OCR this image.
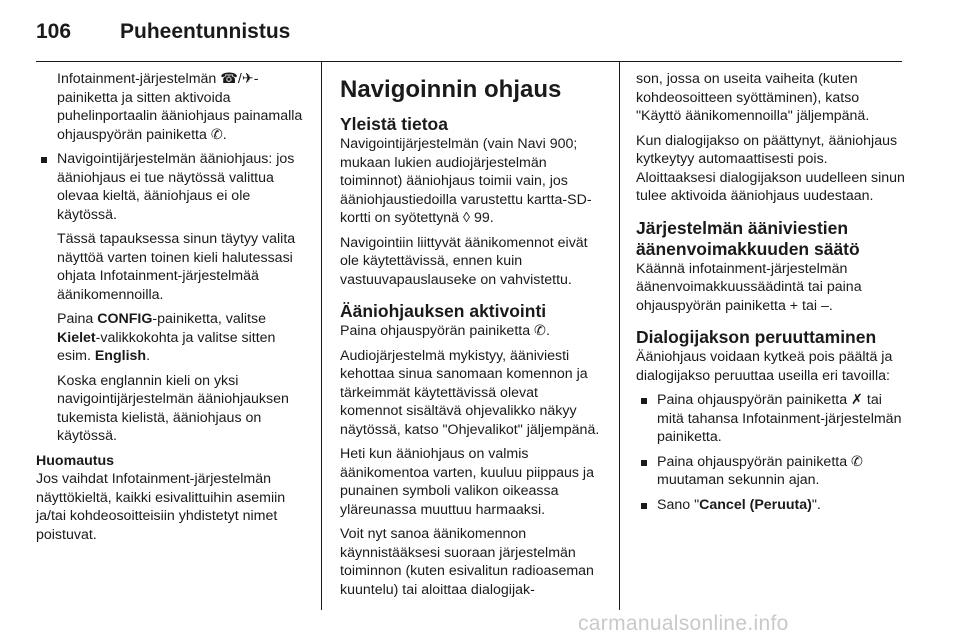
106 Puheentunnistus

Infotainment-järjestelmän ☎/✈-painiketta ja sitten aktivoida puhelinportaalin ääniohjaus painamalla ohjauspyörän painiketta ✆.

Navigointijärjestelmän ääniohjaus: jos ääniohjaus ei tue näytössä valittua olevaa kieltä, ääniohjaus ei ole käytössä.

Tässä tapauksessa sinun täytyy valita näyttöä varten toinen kieli halutessasi ohjata Infotainment-järjestelmää äänikomennoilla.

Paina CONFIG-painiketta, valitse Kielet-valikkokohta ja valitse sitten esim. English.

Koska englannin kieli on yksi navigointijärjestelmän ääniohjauksen tukemista kielistä, ääniohjaus on käytössä.

Huomautus

Jos vaihdat Infotainment-järjestelmän näyttökieltä, kaikki esivalittuihin asemiin ja/tai kohdeosoitteisiin yhdistetyt nimet poistuvat.

Navigoinnin ohjaus
Yleistä tietoa

Navigointijärjestelmän (vain Navi 900; mukaan lukien audiojärjestelmän toiminnot) ääniohjaus toimii vain, jos ääniohjaustiedoilla varustettu kartta-SD-kortti on syötettynä ◊ 99.

Navigointiin liittyvät äänikomennot eivät ole käytettävissä, ennen kuin vastuuvapauslauseke on vahvistettu.

Ääniohjauksen aktivointi

Paina ohjauspyörän painiketta ✆.

Audiojärjestelmä mykistyy, ääniviesti kehottaa sinua sanomaan komennon ja tärkeimmät käytettävissä olevat komennot sisältävä ohjevalikko näkyy näytössä, katso "Ohjevalikot" jäljempänä.

Heti kun ääniohjaus on valmis äänikomentoa varten, kuuluu piippaus ja punainen symboli valikon oikeassa yläreunassa muuttuu harmaaksi.

Voit nyt sanoa äänikomennon käynnistääksesi suoraan järjestelmän toiminnon (kuten esivalitun radioaseman kuuntelu) tai aloittaa dialogijak-

son, jossa on useita vaiheita (kuten kohdeosoitteen syöttäminen), katso "Käyttö äänikomennoilla" jäljempänä.

Kun dialogijakso on päättynyt, ääniohjaus kytkeytyy automaattisesti pois. Aloittaaksesi dialogijakson uudelleen sinun tulee aktivoida ääniohjaus uudestaan.

Järjestelmän ääniviestien äänenvoimakkuuden säätö

Käännä infotainment-järjestelmän äänenvoimakkuussäädintä tai paina ohjauspyörän painiketta + tai –.

Dialogijakson peruuttaminen

Ääniohjaus voidaan kytkeä pois päältä ja dialogijakso peruuttaa useilla eri tavoilla:

Paina ohjauspyörän painiketta ✗ tai mitä tahansa Infotainment-järjestelmän painiketta.
Paina ohjauspyörän painiketta ✆ muutaman sekunnin ajan.
Sano "Cancel (Peruuta)".
carmanualsonline.info
